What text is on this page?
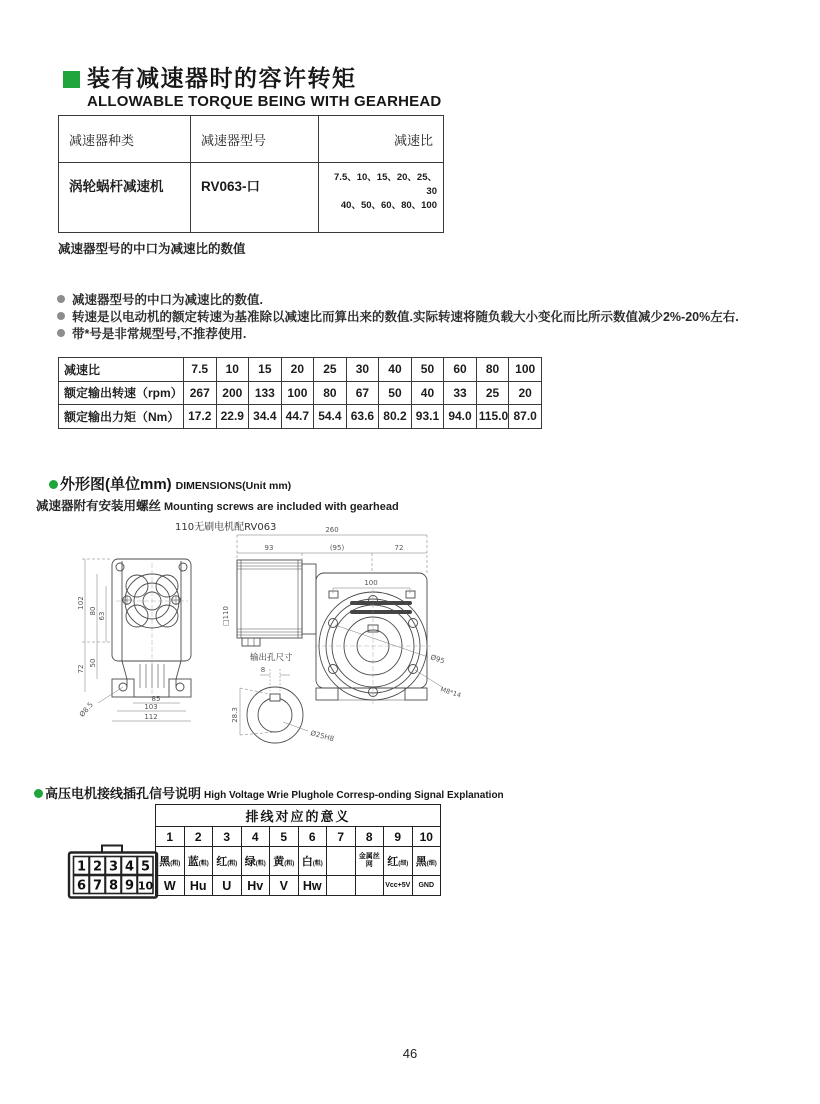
装有减速器时的容许转矩
ALLOWABLE TORQUE BEING WITH GEARHEAD
减速器种类	减速器型号	减速比
涡轮蜗杆减速机	RV063-口	7.5、10、15、20、25、30
40、50、60、80、100
减速器型号的中口为减速比的数值
减速器型号的中口为减速比的数值.
转速是以电动机的额定转速为基准除以减速比而算出来的数值.实际转速将随负载大小变化而比所示数值减少2%-20%左右.
带*号是非常规型号,不推荐使用.
减速比	7.5	10	15	20	25	30	40	50	60	80	100
额定输出转速（rpm）	267	200	133	100	80	67	50	40	33	25	20
额定输出力矩（Nm）	17.2	22.9	34.4	44.7	54.4	63.6	80.2	93.1	94.0	115.0	87.0
外形图(单位mm) DIMENSIONS(Unit mm)
减速器附有安装用螺丝 Mounting screws are included with gearhead
110无刷电机配RV063
102
80
63
72
50
85
103
112
Ø8.5
260
93	(95)	72
100
□110
Ø95
M8*14
输出孔尺寸
8
28.3
Ø25H8
高压电机接线插孔信号说明 High Voltage Wrie Plughole Corresp-onding Signal Explanation
1 2 3 4 5
6 7 8 9 10
排线对应的意义									
1	2	3	4	5	6	7	8	9	10
黑(粗)	蓝(粗)	红(粗)	绿(粗)	黄(粗)	白(粗)		金属丝网	红(细)	黑(细)
W	Hu	U	Hv	V	Hw			Vcc+5V	GND
46
